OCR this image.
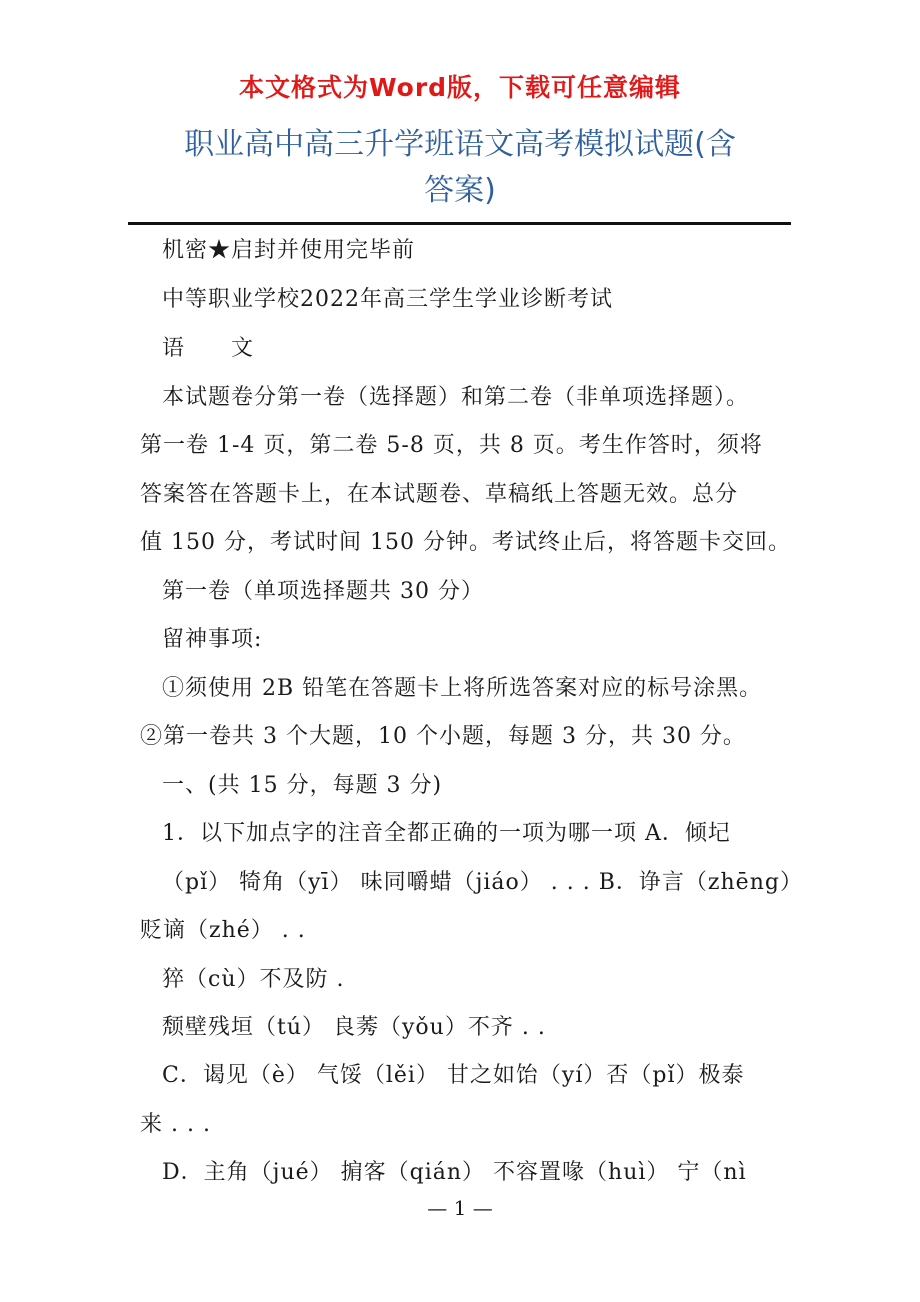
本文格式为Word版，下载可任意编辑
职业高中高三升学班语文高考模拟试题(含
答案)
机密★启封并使用完毕前
中等职业学校2022年高三学生学业诊断考试
语　　文
本试题卷分第一卷（选择题）和第二卷（非单项选择题）。
第一卷 1-4 页，第二卷 5-8 页，共 8 页。考生作答时，须将
答案答在答题卡上，在本试题卷、草稿纸上答题无效。总分
值 150 分，考试时间 150 分钟。考试终止后，将答题卡交回。
第一卷（单项选择题共 30 分）
留神事项:
①须使用 2B 铅笔在答题卡上将所选答案对应的标号涂黑。
②第一卷共 3 个大题，10 个小题，每题 3 分，共 30 分。
一、(共 15 分，每题 3 分)
1．以下加点字的注音全都正确的一项为哪一项 A．倾圮
（pǐ） 犄角（yī） 味同嚼蜡（jiáo） . . . B．诤言（zhēng）
贬谪（zhé） . .
猝（cù）不及防 .
颓壁残垣（tú） 良莠（yǒu）不齐 . .
C．谒见（è） 气馁（lěi） 甘之如饴（yí）否（pǐ）极泰
来 . . .
D．主角（jué） 掮客（qián） 不容置喙（huì） 宁（nì
— 1 —
